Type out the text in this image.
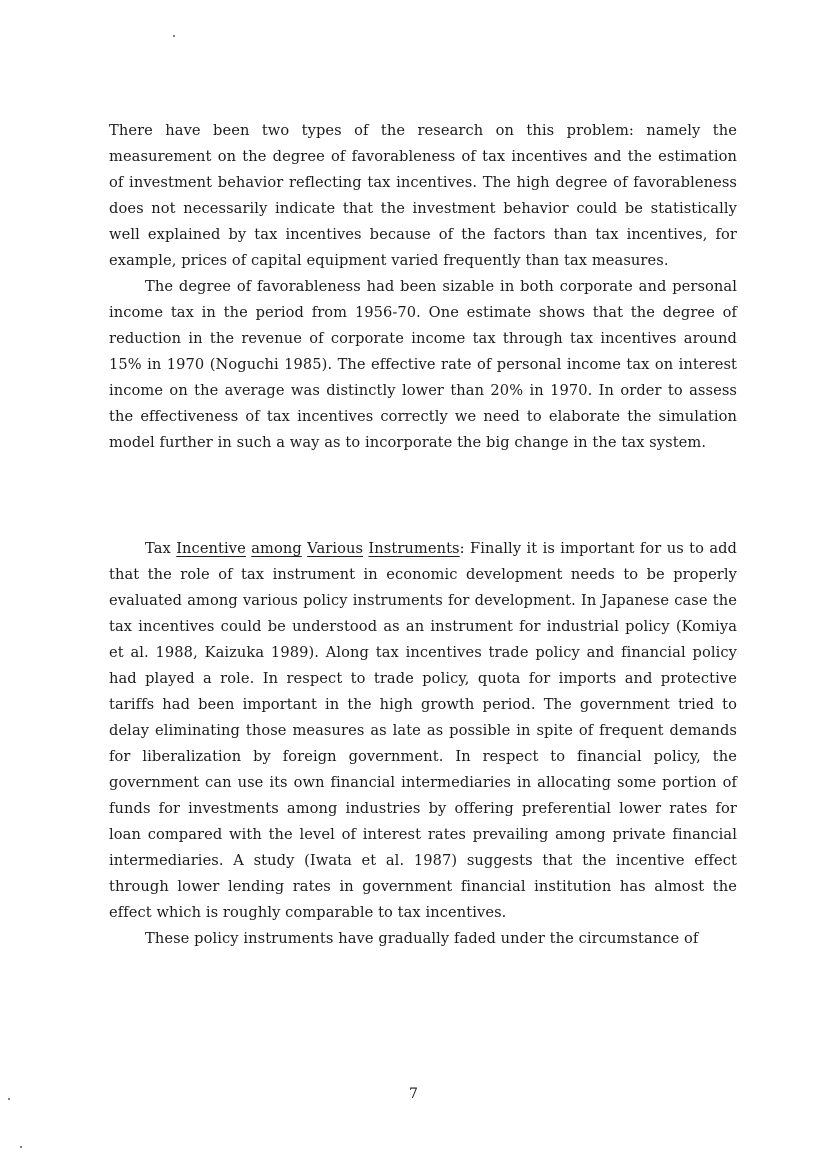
There have been two types of the research on this problem: namely the measurement on the degree of favorableness of tax incentives and the estimation of investment behavior reflecting tax incentives. The high degree of favorableness does not necessarily indicate that the investment behavior could be statistically well explained by tax incentives because of the factors than tax incentives, for example, prices of capital equipment varied frequently than tax measures.

The degree of favorableness had been sizable in both corporate and personal income tax in the period from 1956-70. One estimate shows that the degree of reduction in the revenue of corporate income tax through tax incentives around 15% in 1970 (Noguchi 1985). The effective rate of personal income tax on interest income on the average was distinctly lower than 20% in 1970. In order to assess the effectiveness of tax incentives correctly we need to elaborate the simulation model further in such a way as to incorporate the big change in the tax system.

Tax Incentive among Various Instruments: Finally it is important for us to add that the role of tax instrument in economic development needs to be properly evaluated among various policy instruments for development. In Japanese case the tax incentives could be understood as an instrument for industrial policy (Komiya et al. 1988, Kaizuka 1989). Along tax incentives trade policy and financial policy had played a role. In respect to trade policy, quota for imports and protective tariffs had been important in the high growth period. The government tried to delay eliminating those measures as late as possible in spite of frequent demands for liberalization by foreign government. In respect to financial policy, the government can use its own financial intermediaries in allocating some portion of funds for investments among industries by offering preferential lower rates for loan compared with the level of interest rates prevailing among private financial intermediaries. A study (Iwata et al. 1987) suggests that the incentive effect through lower lending rates in government financial institution has almost the effect which is roughly comparable to tax incentives.

These policy instruments have gradually faded under the circumstance of

7
